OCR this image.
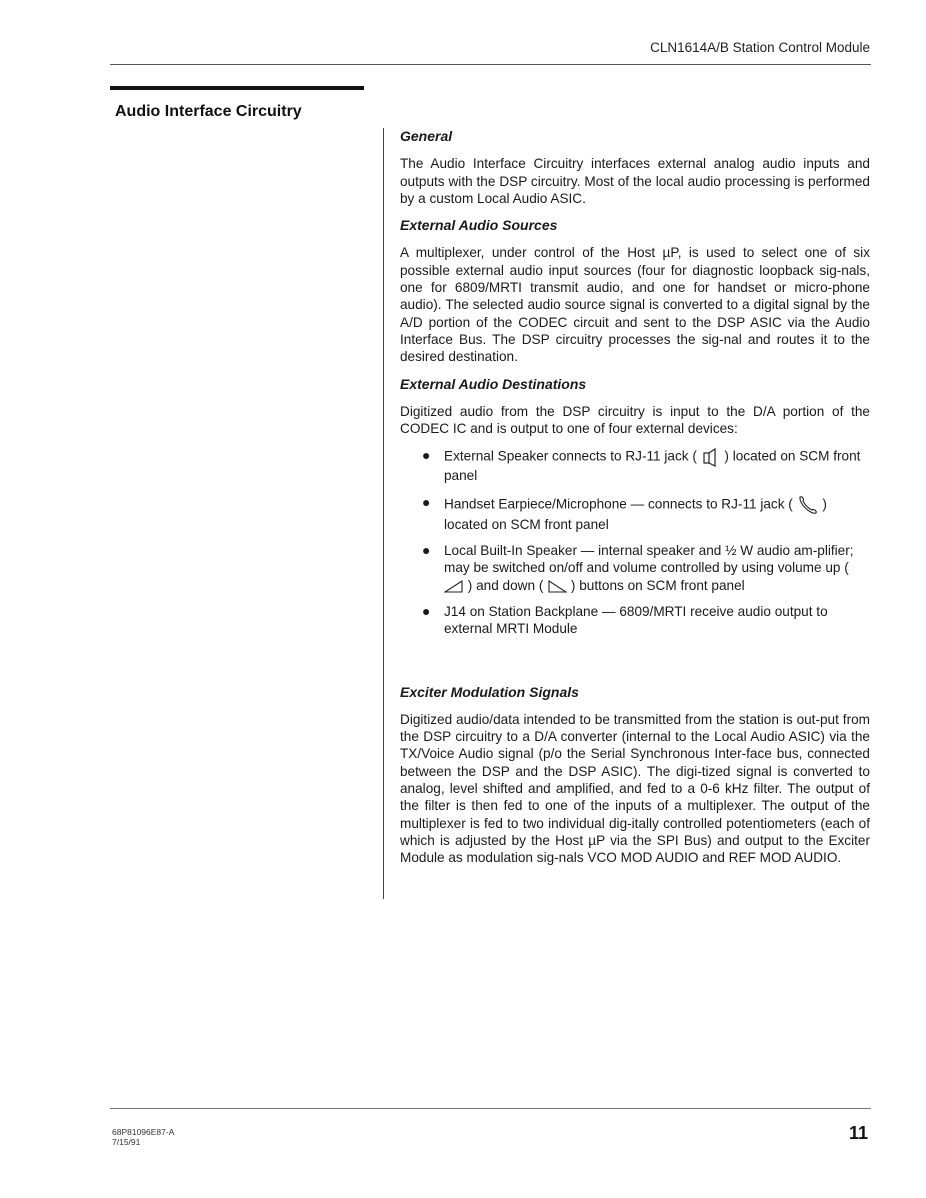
CLN1614A/B Station Control Module
Audio Interface Circuitry
General
The Audio Interface Circuitry interfaces external analog audio inputs and outputs with the DSP circuitry. Most of the local audio processing is performed by a custom Local Audio ASIC.
External Audio Sources
A multiplexer, under control of the Host µP, is used to select one of six possible external audio input sources (four for diagnostic loopback sig-nals, one for 6809/MRTI transmit audio, and one for handset or micro-phone audio). The selected audio source signal is converted to a digital signal by the A/D portion of the CODEC circuit and sent to the DSP ASIC via the Audio Interface Bus. The DSP circuitry processes the sig-nal and routes it to the desired destination.
External Audio Destinations
Digitized audio from the DSP circuitry is input to the D/A portion of the CODEC IC and is output to one of four external devices:
● External Speaker connects to RJ-11 jack ( ) located on SCM front panel
● Handset Earpiece/Microphone — connects to RJ-11 jack ( ) located on SCM front panel
● Local Built-In Speaker — internal speaker and ½ W audio am-plifier; may be switched on/off and volume controlled by using volume up (  ) and down ( ) buttons on SCM front panel
● J14 on Station Backplane — 6809/MRTI receive audio output to external MRTI Module
Exciter Modulation Signals
Digitized audio/data intended to be transmitted from the station is out-put from the DSP circuitry to a D/A converter (internal to the Local Audio ASIC) via the TX/Voice Audio signal (p/o the Serial Synchronous Inter-face bus, connected between the DSP and the DSP ASIC). The digi-tized signal is converted to analog, level shifted and amplified, and fed to a 0-6 kHz filter. The output of the filter is then fed to one of the inputs of a multiplexer. The output of the multiplexer is fed to two individual dig-itally controlled potentiometers (each of which is adjusted by the Host µP via the SPI Bus) and output to the Exciter Module as modulation sig-nals VCO MOD AUDIO and REF MOD AUDIO.
68P81096E87-A
7/15/91	11
